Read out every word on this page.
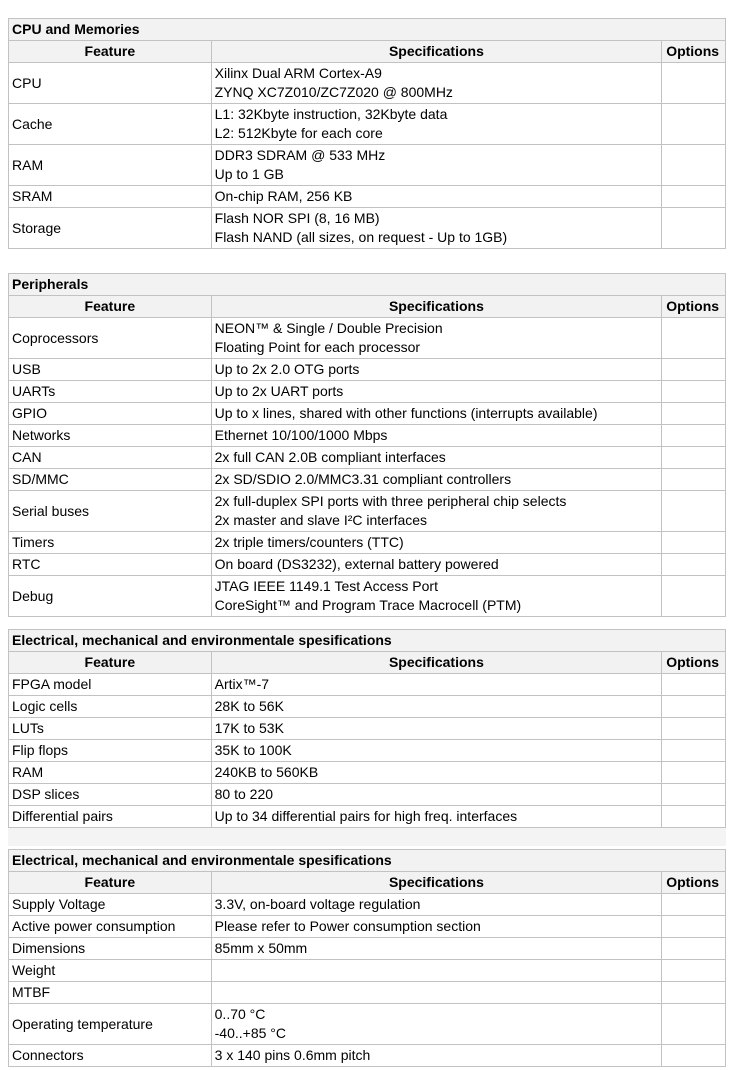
CPU and Memories		
Feature	Specifications	Options
CPU	Xilinx Dual ARM Cortex-A9
ZYNQ XC7Z010/ZC7Z020 @ 800MHz	

Cache	L1: 32Kbyte instruction, 32Kbyte data
L2: 512Kbyte for each core	

RAM	DDR3 SDRAM @ 533 MHz
Up to 1 GB	

SRAM	On-chip RAM, 256 KB	

Storage	Flash NOR SPI (8, 16 MB)
Flash NAND (all sizes, on request - Up to 1GB)	

Peripherals		
Feature	Specifications	Options
Coprocessors	NEON™ & Single / Double Precision
Floating Point for each processor	

USB	Up to 2x 2.0 OTG ports	

UARTs	Up to 2x UART ports	

GPIO	Up to x lines, shared with other functions (interrupts available)	

Networks	Ethernet 10/100/1000 Mbps	

CAN	2x full CAN 2.0B compliant interfaces	

SD/MMC	2x SD/SDIO 2.0/MMC3.31 compliant controllers	

Serial buses	2x full-duplex SPI ports with three peripheral chip selects
2x master and slave I²C interfaces	

Timers	2x triple timers/counters (TTC)	

RTC	On board (DS3232), external battery powered	

Debug	JTAG IEEE 1149.1 Test Access Port
CoreSight™ and Program Trace Macrocell (PTM)	

Electrical, mechanical and environmentale spesifications		
Feature	Specifications	Options
FPGA model	Artix™-7	

Logic cells	28K to 56K	

LUTs	17K to 53K	

Flip flops	35K to 100K	

RAM	240KB to 560KB	

DSP slices	80 to 220	

Differential pairs	Up to 34 differential pairs for high freq. interfaces	

Electrical, mechanical and environmentale spesifications		
Feature	Specifications	Options
Supply Voltage	3.3V, on-board voltage regulation	

Active power consumption	Please refer to Power consumption section	

Dimensions	85mm x 50mm	

Weight	

MTBF	

Operating temperature	0..70 °C
-40..+85 °C	

Connectors	3 x 140 pins 0.6mm pitch	
